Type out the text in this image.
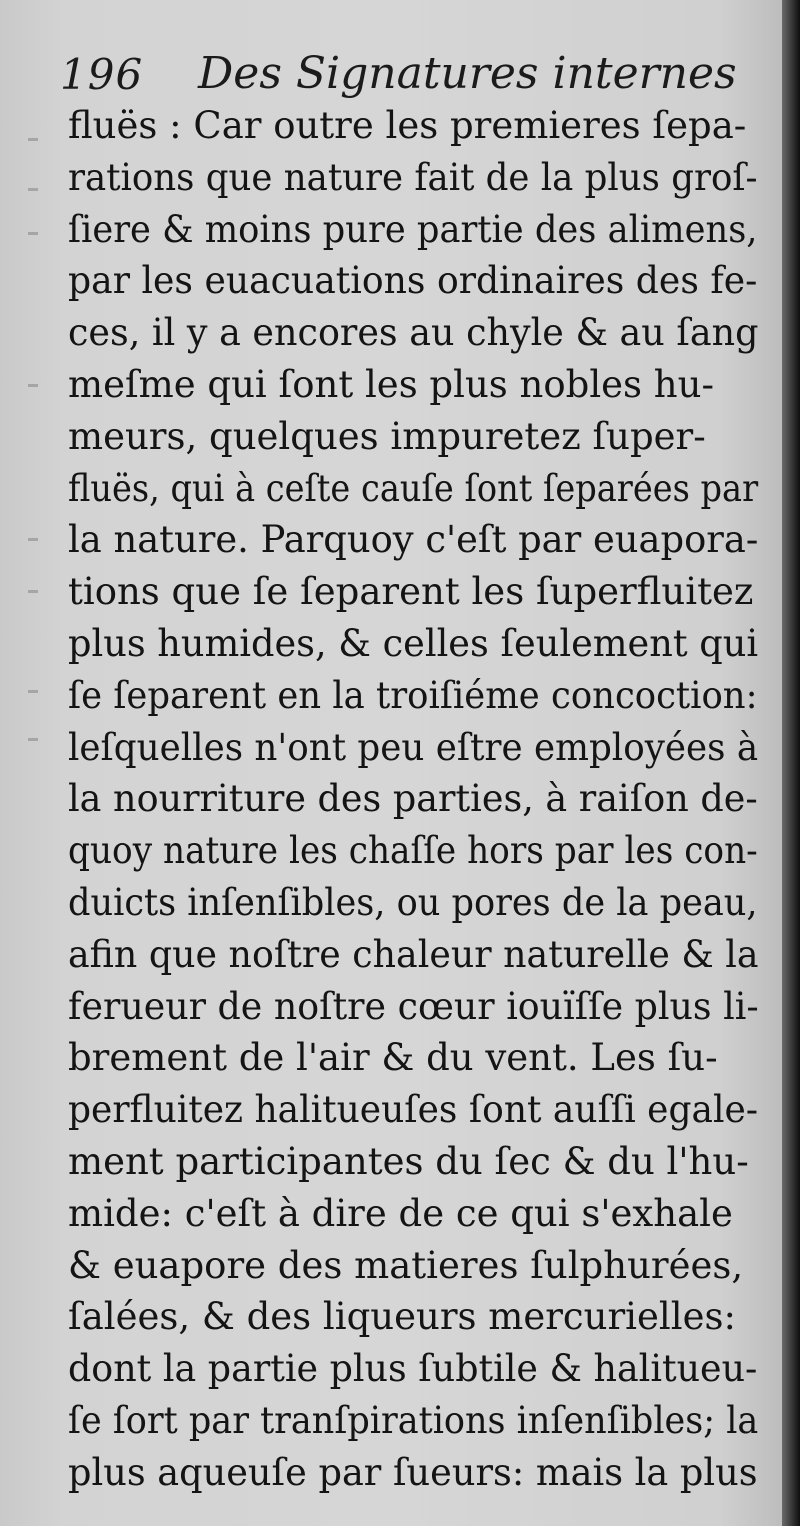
196 Des Signatures internes
fluës : Car outre les premieres ſepa-
rations que nature fait de la plus groſ-
ſiere & moins pure partie des alimens,
par les euacuations ordinaires des fe-
ces, il y a encores au chyle & au ſang
meſme qui ſont les plus nobles hu-
meurs, quelques impuretez ſuper-
fluës, qui à ceſte cauſe ſont ſeparées par
la nature. Parquoy c'eſt par euapora-
tions que ſe ſeparent les ſuperfluitez
plus humides, & celles ſeulement qui
ſe ſeparent en la troiſiéme concoction:
leſquelles n'ont peu eſtre employées à
la nourriture des parties, à raiſon de-
quoy nature les chaſſe hors par les con-
duicts inſenſibles, ou pores de la peau,
afin que noſtre chaleur naturelle & la
ferueur de noſtre cœur iouïſſe plus li-
brement de l'air & du vent. Les ſu-
perfluitez halitueuſes ſont auſſi egale-
ment participantes du ſec & du l'hu-
mide: c'eſt à dire de ce qui s'exhale
& euapore des matieres ſulphurées,
ſalées, & des liqueurs mercurielles:
dont la partie plus ſubtile & halitueu-
ſe ſort par tranſpirations inſenſibles; la
plus aqueuſe par ſueurs: mais la plus
